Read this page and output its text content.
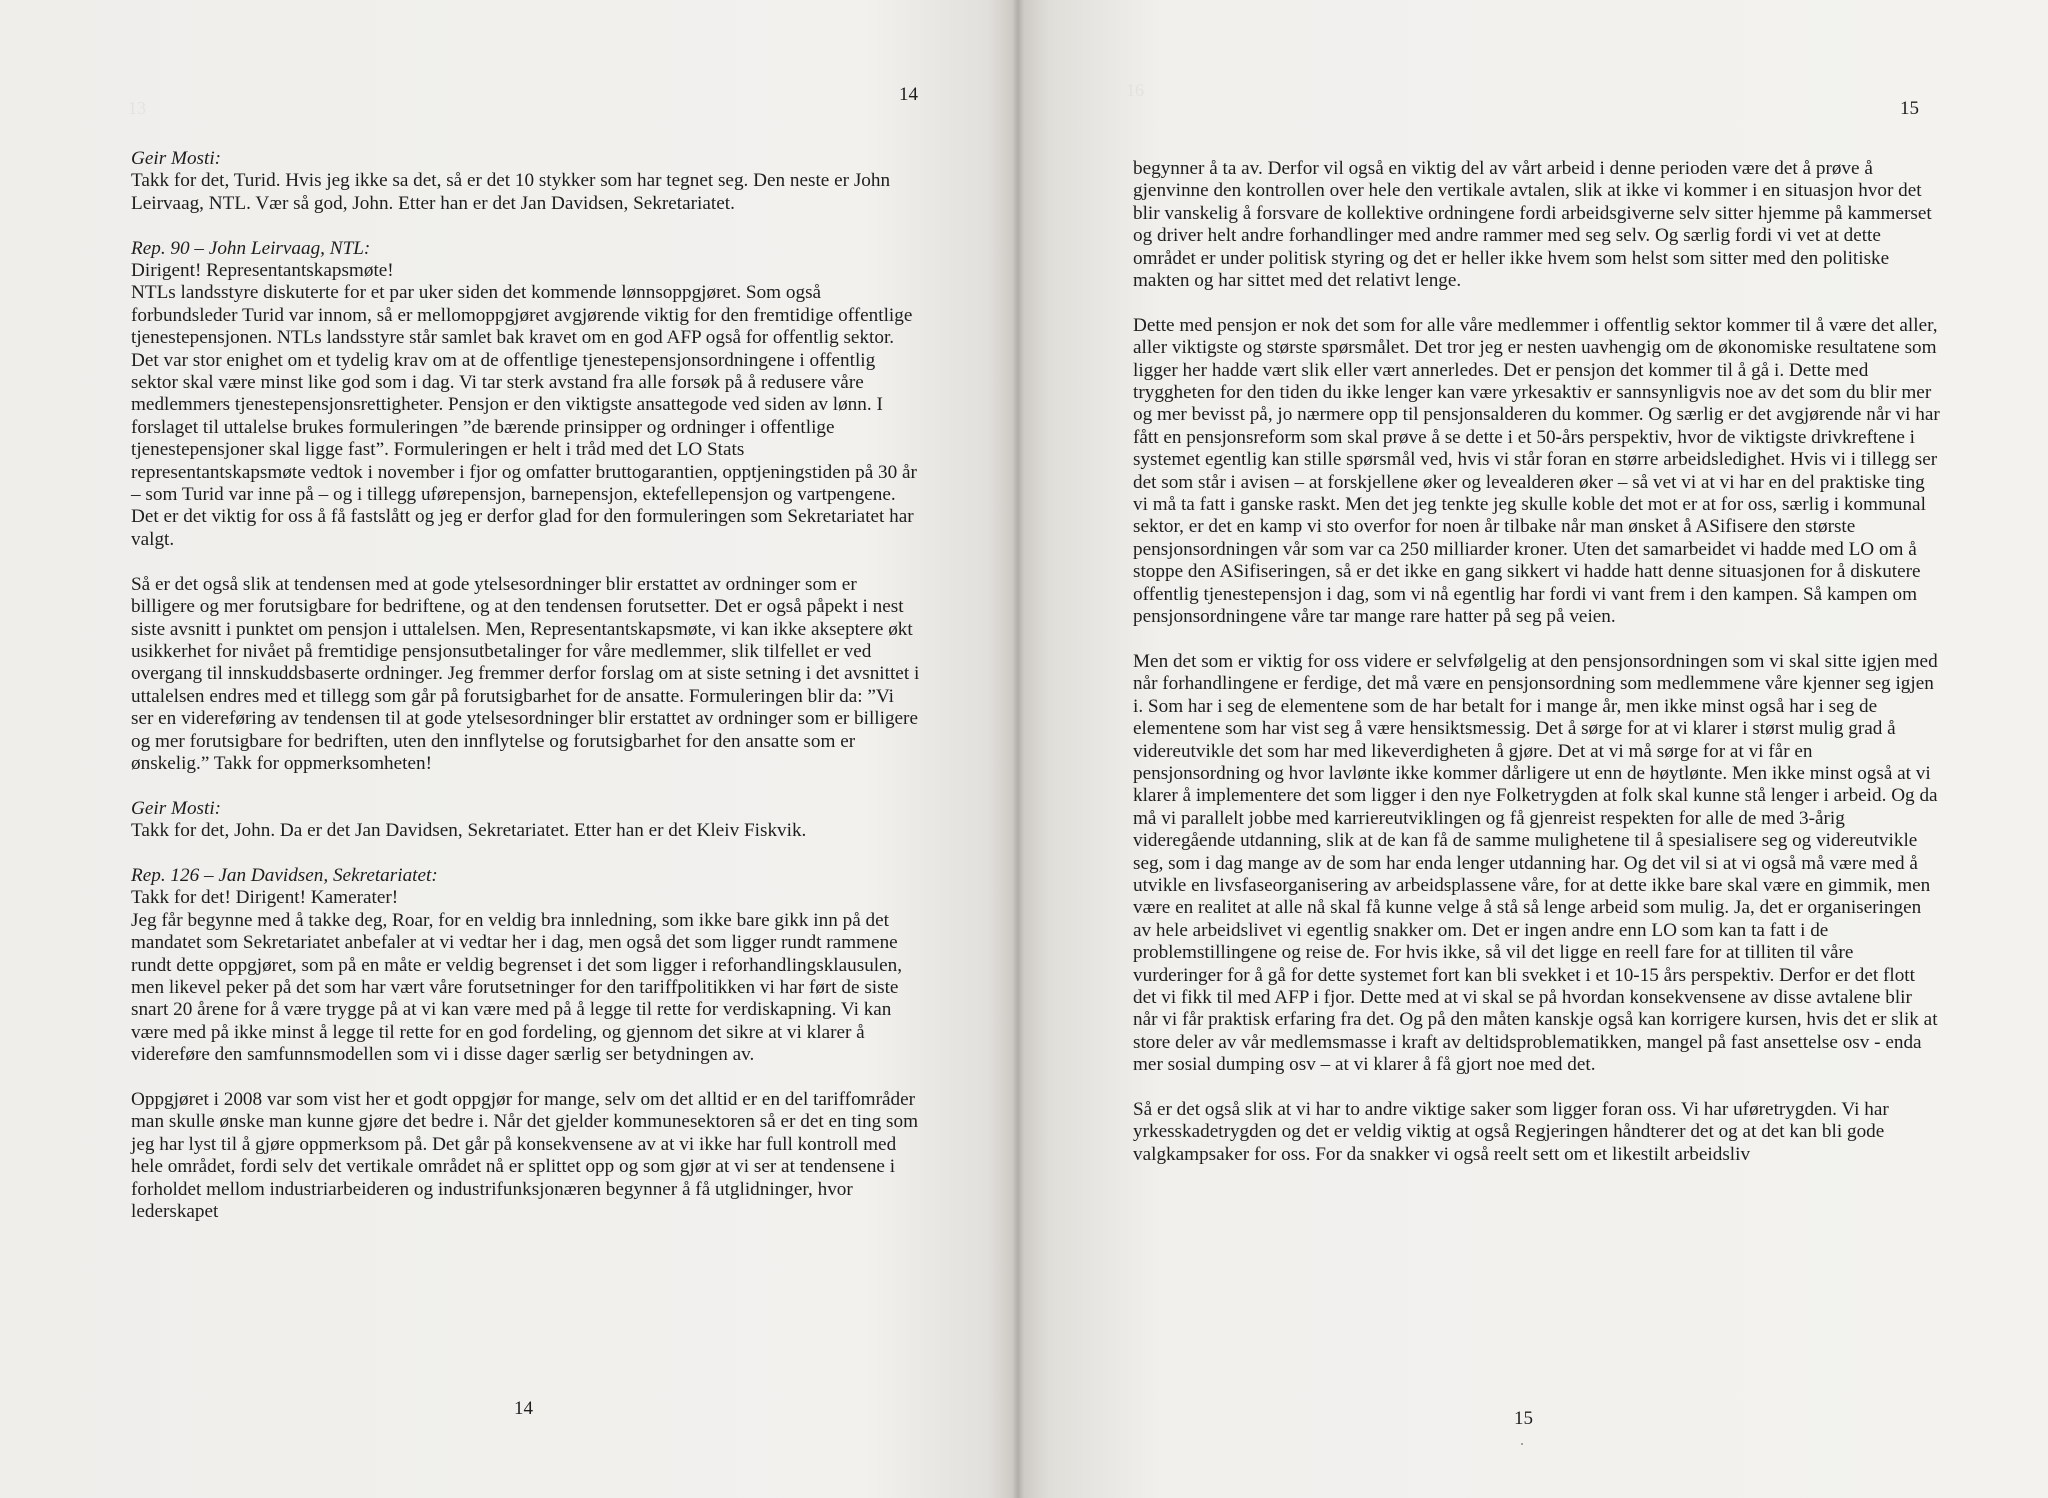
13
14

Geir Mosti:

Takk for det, Turid. Hvis jeg ikke sa det, så er det 10 stykker som har tegnet seg. Den neste er John Leirvaag, NTL. Vær så god, John. Etter han er det Jan Davidsen, Sekretariatet.

Rep. 90 – John Leirvaag, NTL:

Dirigent! Representantskapsmøte!

NTLs landsstyre diskuterte for et par uker siden det kommende lønnsoppgjøret. Som også forbundsleder Turid var innom, så er mellomoppgjøret avgjørende viktig for den fremtidige offentlige tjenestepensjonen. NTLs landsstyre står samlet bak kravet om en god AFP også for offentlig sektor. Det var stor enighet om et tydelig krav om at de offentlige tjenestepensjonsordningene i offentlig sektor skal være minst like god som i dag. Vi tar sterk avstand fra alle forsøk på å redusere våre medlemmers tjenestepensjonsrettigheter. Pensjon er den viktigste ansattegode ved siden av lønn. I forslaget til uttalelse brukes formuleringen ”de bærende prinsipper og ordninger i offentlige tjenestepensjoner skal ligge fast”. Formuleringen er helt i tråd med det LO Stats representantskapsmøte vedtok i november i fjor og omfatter bruttogarantien, opptjeningstiden på 30 år – som Turid var inne på – og i tillegg uførepensjon, barnepensjon, ektefellepensjon og vartpengene. Det er det viktig for oss å få fastslått og jeg er derfor glad for den formuleringen som Sekretariatet har valgt.

Så er det også slik at tendensen med at gode ytelsesordninger blir erstattet av ordninger som er billigere og mer forutsigbare for bedriftene, og at den tendensen forutsetter. Det er også påpekt i nest siste avsnitt i punktet om pensjon i uttalelsen. Men, Representantskapsmøte, vi kan ikke akseptere økt usikkerhet for nivået på fremtidige pensjonsutbetalinger for våre medlemmer, slik tilfellet er ved overgang til innskuddsbaserte ordninger. Jeg fremmer derfor forslag om at siste setning i det avsnittet i uttalelsen endres med et tillegg som går på forutsigbarhet for de ansatte. Formuleringen blir da: ”Vi ser en videreføring av tendensen til at gode ytelsesordninger blir erstattet av ordninger som er billigere og mer forutsigbare for bedriften, uten den innflytelse og forutsigbarhet for den ansatte som er ønskelig.” Takk for oppmerksomheten!

Geir Mosti:

Takk for det, John. Da er det Jan Davidsen, Sekretariatet. Etter han er det Kleiv Fiskvik.

Rep. 126 – Jan Davidsen, Sekretariatet:

Takk for det! Dirigent! Kamerater!

Jeg får begynne med å takke deg, Roar, for en veldig bra innledning, som ikke bare gikk inn på det mandatet som Sekretariatet anbefaler at vi vedtar her i dag, men også det som ligger rundt rammene rundt dette oppgjøret, som på en måte er veldig begrenset i det som ligger i reforhandlingsklausulen, men likevel peker på det som har vært våre forutsetninger for den tariffpolitikken vi har ført de siste snart 20 årene for å være trygge på at vi kan være med på å legge til rette for verdiskapning. Vi kan være med på ikke minst å legge til rette for en god fordeling, og gjennom det sikre at vi klarer å videreføre den samfunnsmodellen som vi i disse dager særlig ser betydningen av.

Oppgjøret i 2008 var som vist her et godt oppgjør for mange, selv om det alltid er en del tariffområder man skulle ønske man kunne gjøre det bedre i. Når det gjelder kommunesektoren så er det en ting som jeg har lyst til å gjøre oppmerksom på. Det går på konsekvensene av at vi ikke har full kontroll med hele området, fordi selv det vertikale området nå er splittet opp og som gjør at vi ser at tendensene i forholdet mellom industriarbeideren og industrifunksjonæren begynner å få utglidninger, hvor lederskapet

14
16
15

begynner å ta av. Derfor vil også en viktig del av vårt arbeid i denne perioden være det å prøve å gjenvinne den kontrollen over hele den vertikale avtalen, slik at ikke vi kommer i en situasjon hvor det blir vanskelig å forsvare de kollektive ordningene fordi arbeidsgiverne selv sitter hjemme på kammerset og driver helt andre forhandlinger med andre rammer med seg selv. Og særlig fordi vi vet at dette området er under politisk styring og det er heller ikke hvem som helst som sitter med den politiske makten og har sittet med det relativt lenge.

Dette med pensjon er nok det som for alle våre medlemmer i offentlig sektor kommer til å være det aller, aller viktigste og største spørsmålet. Det tror jeg er nesten uavhengig om de økonomiske resultatene som ligger her hadde vært slik eller vært annerledes. Det er pensjon det kommer til å gå i. Dette med tryggheten for den tiden du ikke lenger kan være yrkesaktiv er sannsynligvis noe av det som du blir mer og mer bevisst på, jo nærmere opp til pensjonsalderen du kommer. Og særlig er det avgjørende når vi har fått en pensjonsreform som skal prøve å se dette i et 50-års perspektiv, hvor de viktigste drivkreftene i systemet egentlig kan stille spørsmål ved, hvis vi står foran en større arbeidsledighet. Hvis vi i tillegg ser det som står i avisen – at forskjellene øker og levealderen øker – så vet vi at vi har en del praktiske ting vi må ta fatt i ganske raskt. Men det jeg tenkte jeg skulle koble det mot er at for oss, særlig i kommunal sektor, er det en kamp vi sto overfor for noen år tilbake når man ønsket å ASifisere den største pensjonsordningen vår som var ca 250 milliarder kroner. Uten det samarbeidet vi hadde med LO om å stoppe den ASifiseringen, så er det ikke en gang sikkert vi hadde hatt denne situasjonen for å diskutere offentlig tjenestepensjon i dag, som vi nå egentlig har fordi vi vant frem i den kampen. Så kampen om pensjonsordningene våre tar mange rare hatter på seg på veien.

Men det som er viktig for oss videre er selvfølgelig at den pensjonsordningen som vi skal sitte igjen med når forhandlingene er ferdige, det må være en pensjonsordning som medlemmene våre kjenner seg igjen i. Som har i seg de elementene som de har betalt for i mange år, men ikke minst også har i seg de elementene som har vist seg å være hensiktsmessig. Det å sørge for at vi klarer i størst mulig grad å videreutvikle det som har med likeverdigheten å gjøre. Det at vi må sørge for at vi får en pensjonsordning og hvor lavlønte ikke kommer dårligere ut enn de høytlønte. Men ikke minst også at vi klarer å implementere det som ligger i den nye Folketrygden at folk skal kunne stå lenger i arbeid. Og da må vi parallelt jobbe med karriereutviklingen og få gjenreist respekten for alle de med 3-årig videregående utdanning, slik at de kan få de samme mulighetene til å spesialisere seg og videreutvikle seg, som i dag mange av de som har enda lenger utdanning har. Og det vil si at vi også må være med å utvikle en livsfaseorganisering av arbeidsplassene våre, for at dette ikke bare skal være en gimmik, men være en realitet at alle nå skal få kunne velge å stå så lenge arbeid som mulig. Ja, det er organiseringen av hele arbeidslivet vi egentlig snakker om. Det er ingen andre enn LO som kan ta fatt i de problemstillingene og reise de. For hvis ikke, så vil det ligge en reell fare for at tilliten til våre vurderinger for å gå for dette systemet fort kan bli svekket i et 10-15 års perspektiv. Derfor er det flott det vi fikk til med AFP i fjor. Dette med at vi skal se på hvordan konsekvensene av disse avtalene blir når vi får praktisk erfaring fra det. Og på den måten kanskje også kan korrigere kursen, hvis det er slik at store deler av vår medlemsmasse i kraft av deltidsproblematikken, mangel på fast ansettelse osv - enda mer sosial dumping osv – at vi klarer å få gjort noe med det.

Så er det også slik at vi har to andre viktige saker som ligger foran oss. Vi har uføretrygden. Vi har yrkesskadetrygden og det er veldig viktig at også Regjeringen håndterer det og at det kan bli gode valgkampsaker for oss. For da snakker vi også reelt sett om et likestilt arbeidsliv

15
